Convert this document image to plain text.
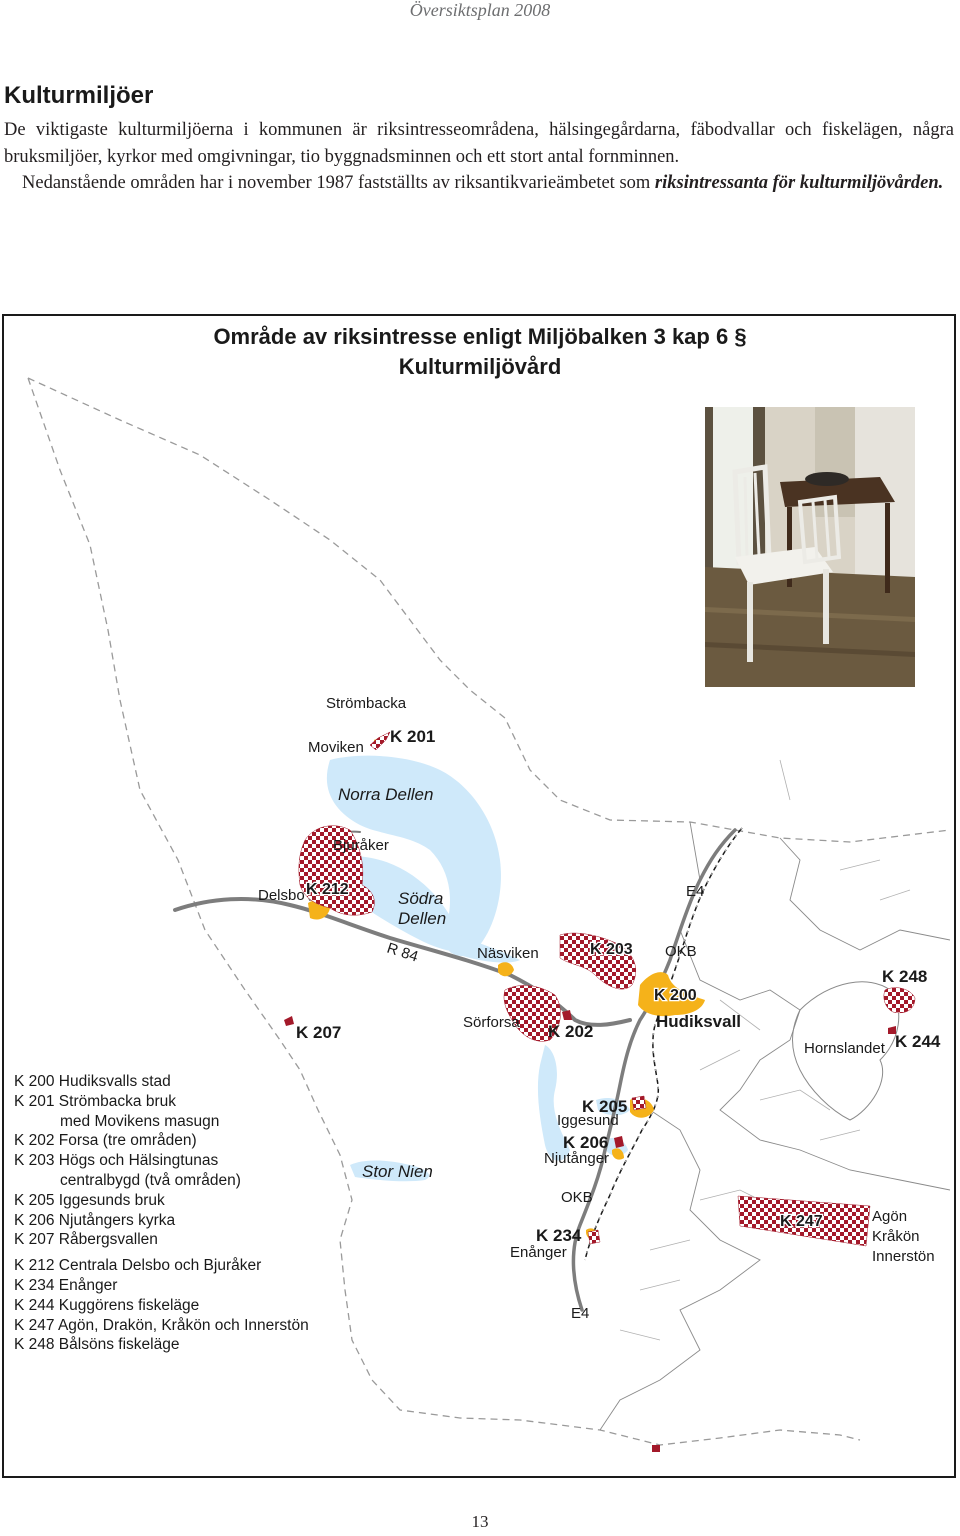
Översiktsplan 2008
Kulturmiljöer

De viktigaste kulturmiljöerna i kommunen är riksintresseområdena, hälsingegårdarna, fäbodvallar och fiskelägen, några bruksmiljöer, kyrkor med omgivningar, tio byggnadsminnen och ett stort antal fornminnen.

Nedanstående områden har i november 1987 fastställts av riksantikvarieämbetet som riksintressanta för kulturmiljövården.

Strömbacka
Moviken
K 201
Norra Dellen
Bjuråker
Delsbo K 212	Södra
Dellen
E4
R 84	Näsviken	K 203 OKB
K 248
K 200
Hudiksvall
K 207
Sörforsa K 202
Hornslandet K 244
K 205
Iggesund
K 206
Njutånger
Stor Nien
OKB
K 234
Enånger
K 247	Agön
Kråkön
Innerstön
E4
Område av riksintresse enligt Miljöbalken 3 kap 6 §
Kulturmiljövård
K 200 Hudiksvalls stad
K 201 Strömbacka bruk
med Movikens masugn
K 202 Forsa (tre områden)
K 203 Högs och Hälsingtunas
centralbygd (två områden)
K 205 Iggesunds bruk
K 206 Njutångers kyrka
K 207 Råbergsvallen
K 212 Centrala Delsbo och Bjuråker
K 234 Enånger
K 244 Kuggörens fiskeläge
K 247 Agön, Drakön, Kråkön och Innerstön
K 248 Bålsöns fiskeläge
13
